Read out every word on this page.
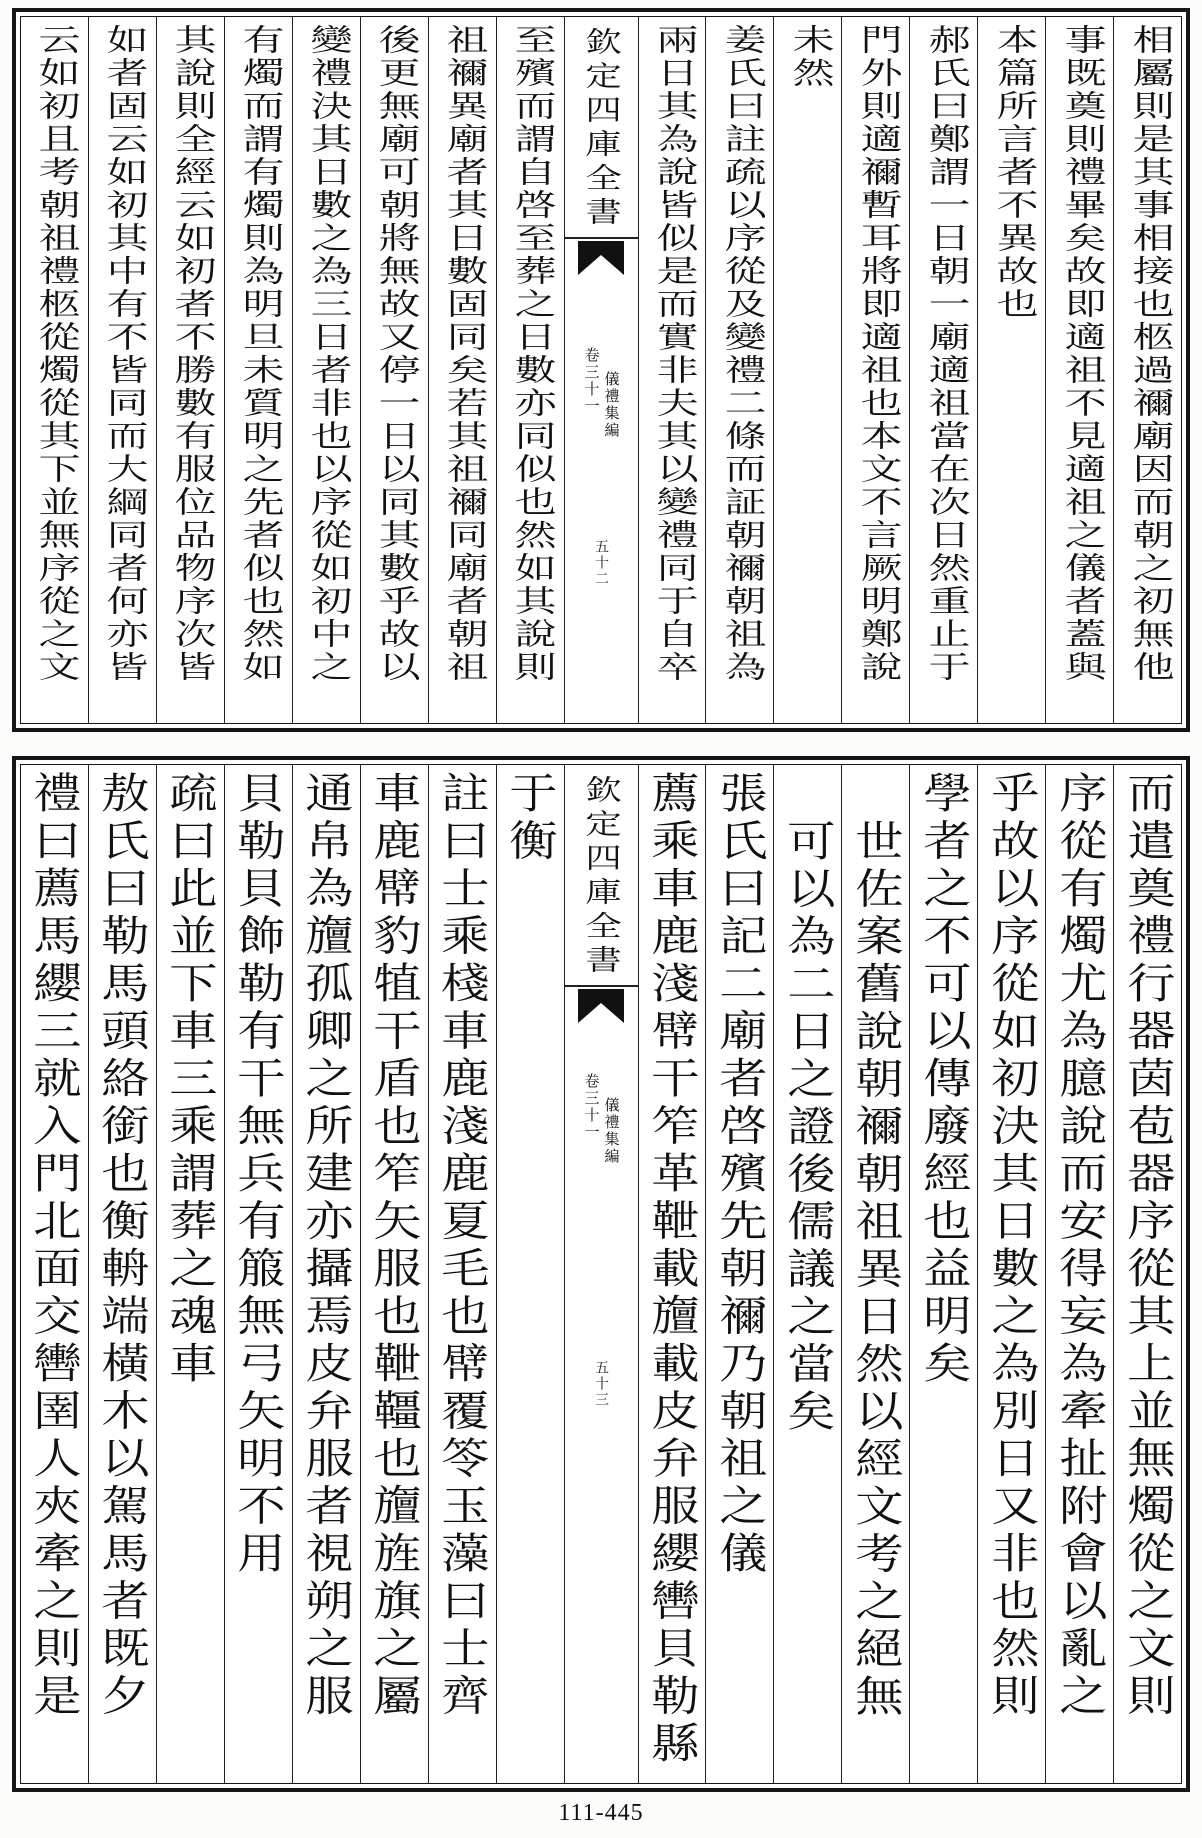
相屬則是其事相接也柩過禰廟因而朝之初無他
事既奠則禮畢矣故即適祖不見適祖之儀者蓋與
本篇所言者不異故也
郝氏曰鄭謂一日朝一廟適祖當在次日然重止于
門外則適禰暫耳將即適祖也本文不言厥明鄭說
未然
姜氏曰註疏以序從及變禮二條而証朝禰朝祖為
兩日其為說皆似是而實非夫其以變禮同于自卒
欽定四庫全書
儀禮集編
卷三十一
五十二
至殯而謂自啓至葬之日數亦同似也然如其說則
祖禰異廟者其日數固同矣若其祖禰同廟者朝祖
後更無廟可朝將無故又停一日以同其數乎故以
變禮決其日數之為三日者非也以序從如初中之
有燭而謂有燭則為明旦未質明之先者似也然如
其說則全經云如初者不勝數有服位品物序次皆
如者固云如初其中有不皆同而大綱同者何亦皆
云如初且考朝祖禮柩從燭從其下並無序從之文
而遣奠禮行器茵苞器序從其上並無燭從之文則
序從有燭尤為臆說而安得妄為牽扯附會以亂之
乎故以序從如初決其日數之為別日又非也然則
學者之不可以傳廢經也益明矣
世佐案舊說朝禰朝祖異日然以經文考之絕無
可以為二日之證後儒議之當矣
張氏曰記二廟者啓殯先朝禰乃朝祖之儀
薦乘車鹿淺幦干笮革靾載旜載皮弁服纓轡貝勒縣
欽定四庫全書
儀禮集編
卷三十一
五十三
于衡
註曰士乘棧車鹿淺鹿夏毛也幦覆笭玉藻曰士齊
車鹿幦豹犆干盾也笮矢服也靾韁也旜旌旗之屬
通帛為旜孤卿之所建亦攝焉皮弁服者視朔之服
貝勒貝飾勒有干無兵有箙無弓矢明不用
疏曰此並下車三乘謂葬之魂車
敖氏曰勒馬頭絡銜也衡輈端橫木以駕馬者既夕
禮曰薦馬纓三就入門北面交轡圉人夾牽之則是
111-445
